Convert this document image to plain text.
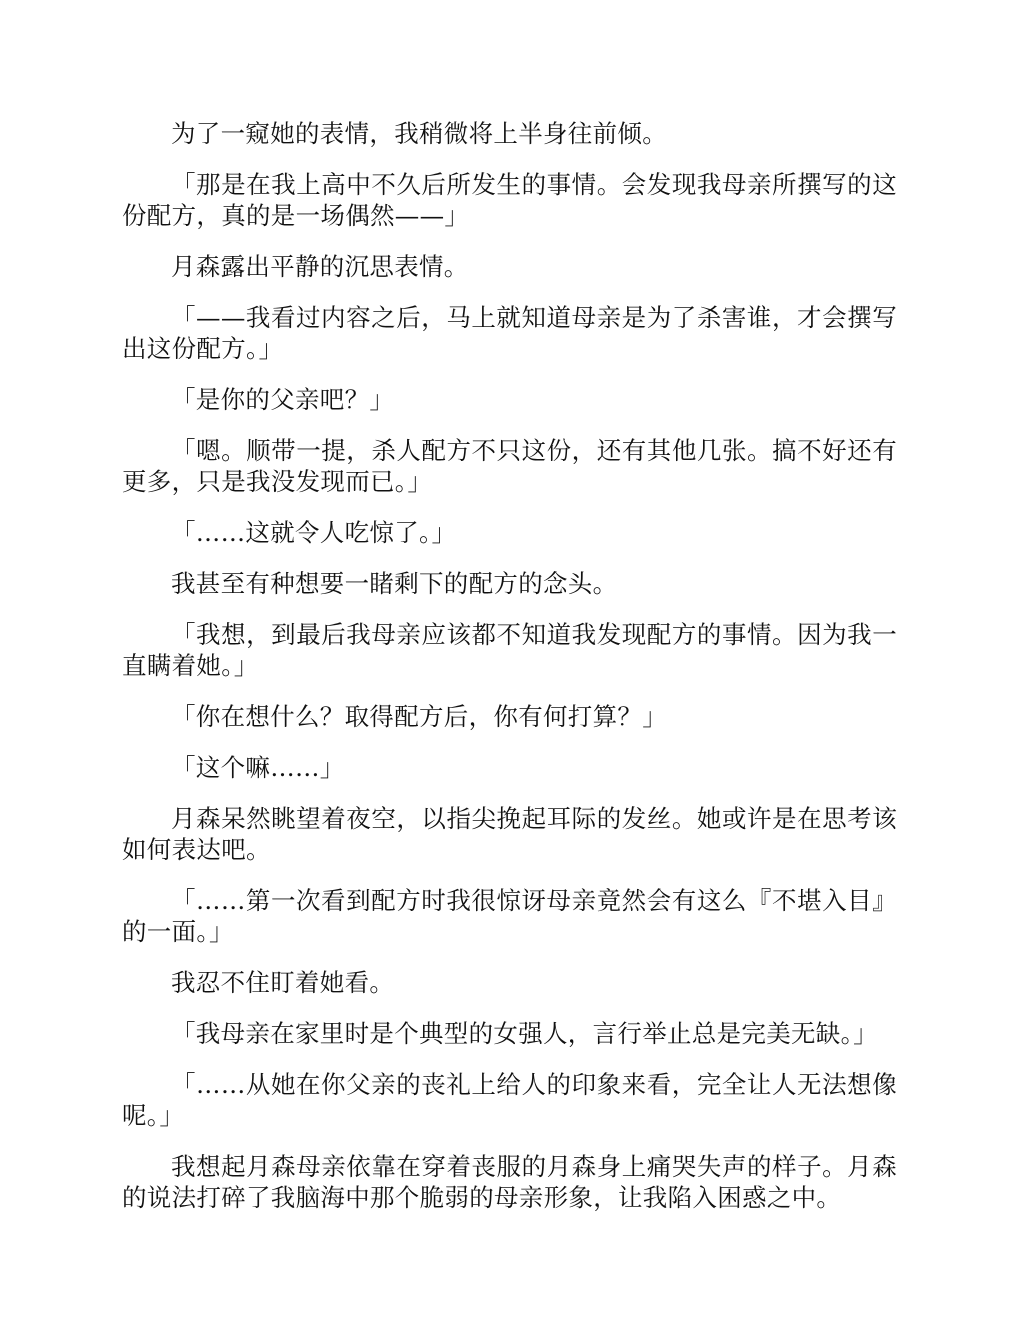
为了一窥她的表情，我稍微将上半身往前倾。

「那是在我上高中不久后所发生的事情。会发现我母亲所撰写的这份配方，真的是一场偶然——」

月森露出平静的沉思表情。

「——我看过内容之后，马上就知道母亲是为了杀害谁，才会撰写出这份配方。」

「是你的父亲吧？」

「嗯。顺带一提，杀人配方不只这份，还有其他几张。搞不好还有更多，只是我没发现而已。」

「……这就令人吃惊了。」

我甚至有种想要一睹剩下的配方的念头。

「我想，到最后我母亲应该都不知道我发现配方的事情。因为我一直瞒着她。」

「你在想什么？取得配方后，你有何打算？」

「这个嘛……」

月森呆然眺望着夜空，以指尖挽起耳际的发丝。她或许是在思考该如何表达吧。

「……第一次看到配方时我很惊讶母亲竟然会有这么『不堪入目』的一面。」

我忍不住盯着她看。

「我母亲在家里时是个典型的女强人，言行举止总是完美无缺。」

「……从她在你父亲的丧礼上给人的印象来看，完全让人无法想像呢。」

我想起月森母亲依靠在穿着丧服的月森身上痛哭失声的样子。月森的说法打碎了我脑海中那个脆弱的母亲形象，让我陷入困惑之中。
